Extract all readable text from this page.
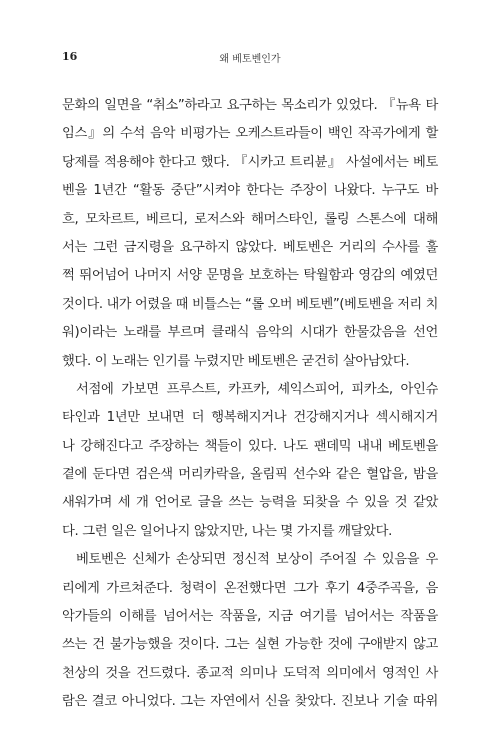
16	왜 베토벤인가
문화의 일면을 “취소”하라고 요구하는 목소리가 있었다. 『뉴욕 타
임스』의 수석 음악 비평가는 오케스트라들이 백인 작곡가에게 할
당제를 적용해야 한다고 했다. 『시카고 트리뷴』 사설에서는 베토
벤을 1년간 “활동 중단”시켜야 한다는 주장이 나왔다. 누구도 바
흐, 모차르트, 베르디, 로저스와 해머스타인, 롤링 스톤스에 대해
서는 그런 금지령을 요구하지 않았다. 베토벤은 거리의 수사를 훌
쩍 뛰어넘어 나머지 서양 문명을 보호하는 탁월함과 영감의 예였던
것이다. 내가 어렸을 때 비틀스는 “롤 오버 베토벤”(베토벤을 저리 치
워)이라는 노래를 부르며 클래식 음악의 시대가 한물갔음을 선언
했다. 이 노래는 인기를 누렸지만 베토벤은 굳건히 살아남았다.
서점에 가보면 프루스트, 카프카, 셰익스피어, 피카소, 아인슈
타인과 1년만 보내면 더 행복해지거나 건강해지거나 섹시해지거
나 강해진다고 주장하는 책들이 있다. 나도 팬데믹 내내 베토벤을
곁에 둔다면 검은색 머리카락을, 올림픽 선수와 같은 혈압을, 밤을
새워가며 세 개 언어로 글을 쓰는 능력을 되찾을 수 있을 것 같았
다. 그런 일은 일어나지 않았지만, 나는 몇 가지를 깨달았다.
베토벤은 신체가 손상되면 정신적 보상이 주어질 수 있음을 우
리에게 가르쳐준다. 청력이 온전했다면 그가 후기 4중주곡을, 음
악가들의 이해를 넘어서는 작품을, 지금 여기를 넘어서는 작품을
쓰는 건 불가능했을 것이다. 그는 실현 가능한 것에 구애받지 않고
천상의 것을 건드렸다. 종교적 의미나 도덕적 의미에서 영적인 사
람은 결코 아니었다. 그는 자연에서 신을 찾았다. 진보나 기술 따위
